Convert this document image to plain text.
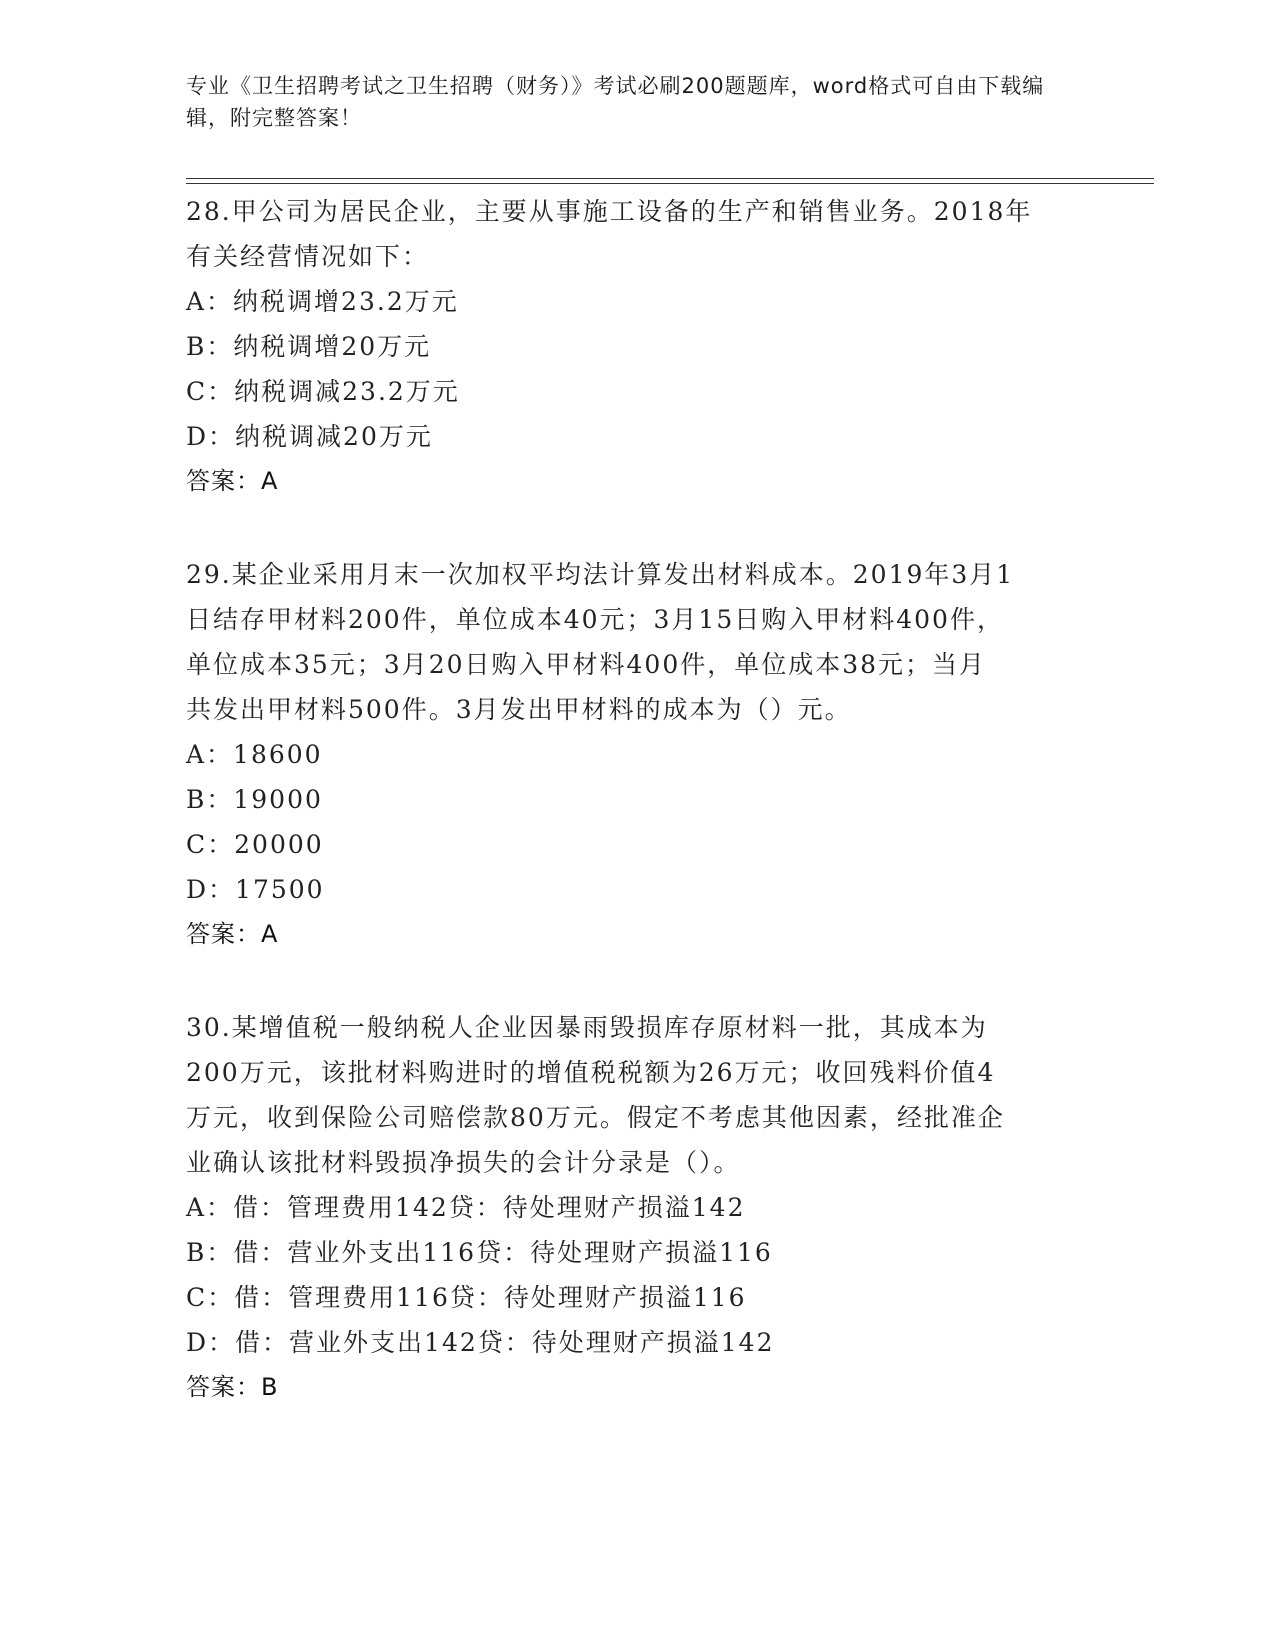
专业《卫生招聘考试之卫生招聘（财务）》考试必刷200题题库，word格式可自由下载编辑，附完整答案！

28.甲公司为居民企业，主要从事施工设备的生产和销售业务。2018年

有关经营情况如下：

A：纳税调增23.2万元

B：纳税调增20万元

C：纳税调减23.2万元

D：纳税调减20万元

答案：A

29.某企业采用月末一次加权平均法计算发出材料成本。2019年3月1

日结存甲材料200件，单位成本40元；3月15日购入甲材料400件，

单位成本35元；3月20日购入甲材料400件，单位成本38元；当月

共发出甲材料500件。3月发出甲材料的成本为（）元。

A：18600

B：19000

C：20000

D：17500

答案：A

30.某增值税一般纳税人企业因暴雨毁损库存原材料一批，其成本为

200万元，该批材料购进时的增值税税额为26万元；收回残料价值4

万元，收到保险公司赔偿款80万元。假定不考虑其他因素，经批准企

业确认该批材料毁损净损失的会计分录是（）。

A：借：管理费用142贷：待处理财产损溢142

B：借：营业外支出116贷：待处理财产损溢116

C：借：管理费用116贷：待处理财产损溢116

D：借：营业外支出142贷：待处理财产损溢142

答案：B
